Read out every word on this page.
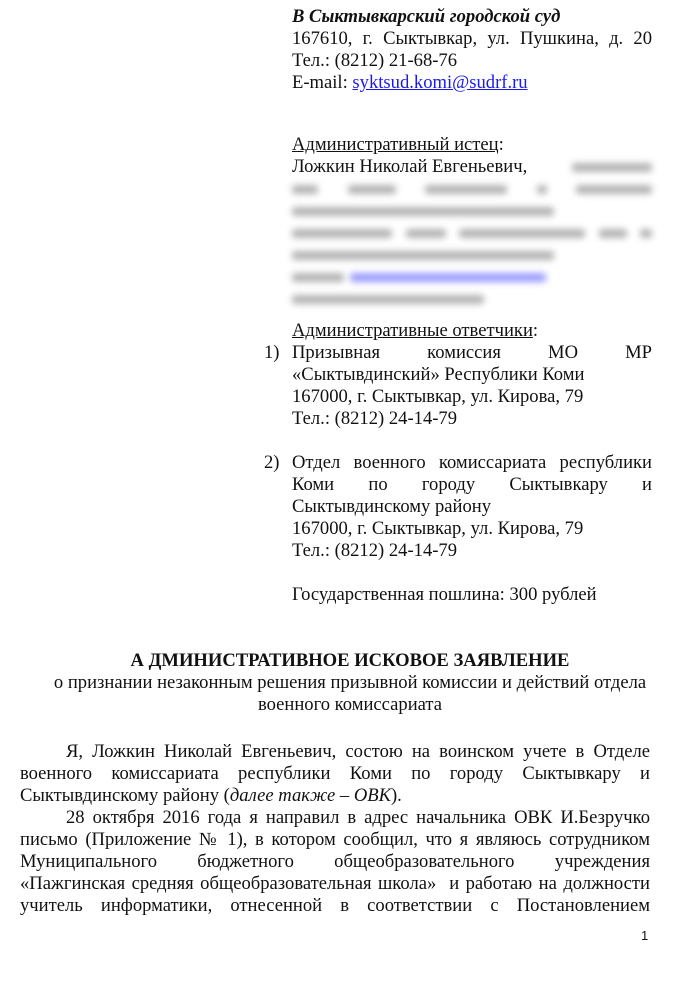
В Сыктывкарский городской суд
167610, г. Сыктывкар, ул. Пушкина, д. 20
Тел.: (8212) 21-68-76
E-mail: syktsud.komi@sudrf.ru
Административный истец:
Ложкин Николай Евгеньевич,
Административные ответчики:
1) Призывная комиссия МО МР
«Сыктывдинский» Республики Коми
167000, г. Сыктывкар, ул. Кирова, 79
Тел.: (8212) 24-14-79
2) Отдел военного комиссариата республики
Коми по городу Сыктывкару и
Сыктывдинскому району
167000, г. Сыктывкар, ул. Кирова, 79
Тел.: (8212) 24-14-79
Государственная пошлина: 300 рублей
А ДМИНИСТРАТИВНОЕ ИСКОВОЕ ЗАЯВЛЕНИЕ
о признании незаконным решения призывной комиссии и действий отдела
военного комиссариата
Я, Ложкин Николай Евгеньевич, состою на воинском учете в Отделе
военного комиссариата республики Коми по городу Сыктывкару и
Сыктывдинскому району (далее также – ОВК).
28 октября 2016 года я направил в адрес начальника ОВК И.Безручко
письмо (Приложение № 1), в котором сообщил, что я являюсь сотрудником
Муниципального бюджетного общеобразовательного учреждения
«Пажгинская средняя общеобразовательная школа»  и работаю на должности
учитель информатики, отнесенной в соответствии с Постановлением
1
